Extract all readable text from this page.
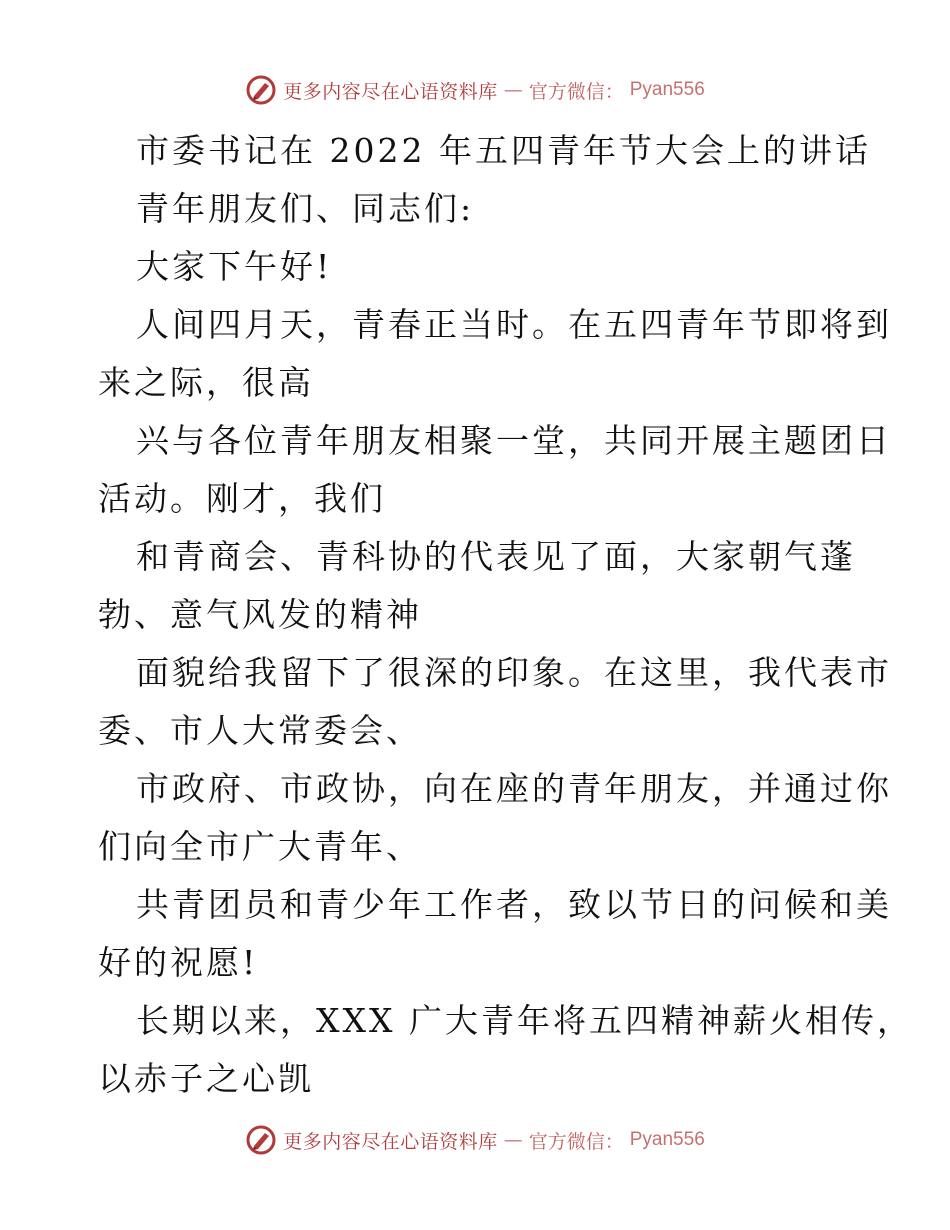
更多内容尽在心语资料库 — 官方微信： Pyan556
市委书记在 2022 年五四青年节大会上的讲话
青年朋友们、同志们:
大家下午好!
人间四月天，青春正当时。在五四青年节即将到
来之际，很高
兴与各位青年朋友相聚一堂，共同开展主题团日
活动。刚才，我们
和青商会、青科协的代表见了面，大家朝气蓬
勃、意气风发的精神
面貌给我留下了很深的印象。在这里，我代表市
委、市人大常委会、
市政府、市政协，向在座的青年朋友，并通过你
们向全市广大青年、
共青团员和青少年工作者，致以节日的问候和美
好的祝愿!
长期以来，XXX 广大青年将五四精神薪火相传，
以赤子之心凯
更多内容尽在心语资料库 — 官方微信： Pyan556
